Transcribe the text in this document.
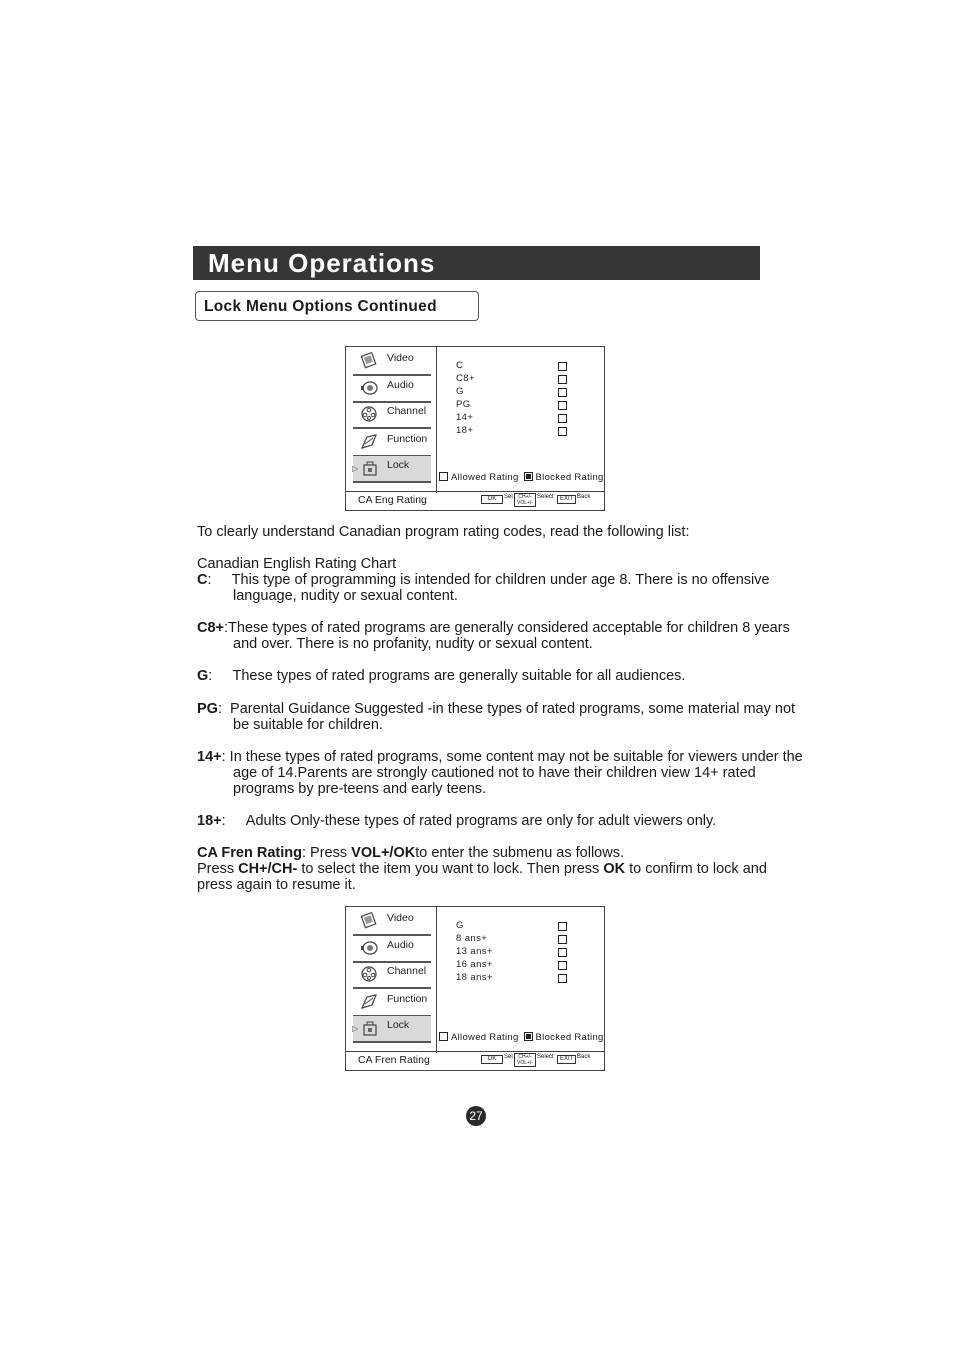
Menu Operations
Lock Menu Options Continued
Video
Audio
Channel
Function
▷	Lock
C
C8+
G
PG
14+
18+
Allowed Rating Blocked Rating
CA Eng Rating	OK	Sel	CH+/-
VOL+/-
Select	EXIT Back
To clearly understand Canadian program rating codes, read the following list:
Canadian English Rating Chart
C: This type of programming is intended for children under age 8. There is no offensive language, nudity or sexual content.
C8+:These types of rated programs are generally considered acceptable for children 8 years and over. There is no profanity, nudity or sexual content.
G: These types of rated programs are generally suitable for all audiences.
PG: Parental Guidance Suggested -in these types of rated programs, some material may not be suitable for children.
14+: In these types of rated programs, some content may not be suitable for viewers under the age of 14.Parents are strongly cautioned not to have their children view 14+ rated programs by pre-teens and early teens.
18+: Adults Only-these types of rated programs are only for adult viewers only.
CA Fren Rating: Press VOL+/OKto enter the submenu as follows.
Press CH+/CH- to select the item you want to lock. Then press OK to confirm to lock and press again to resume it.
Video
Audio
Channel
Function
▷	Lock
G
8 ans+
13 ans+
16 ans+
18 ans+
Allowed Rating Blocked Rating
CA Fren Rating	OK	Sel	CH+/-
VOL+/-
Select	EXIT Back
27
